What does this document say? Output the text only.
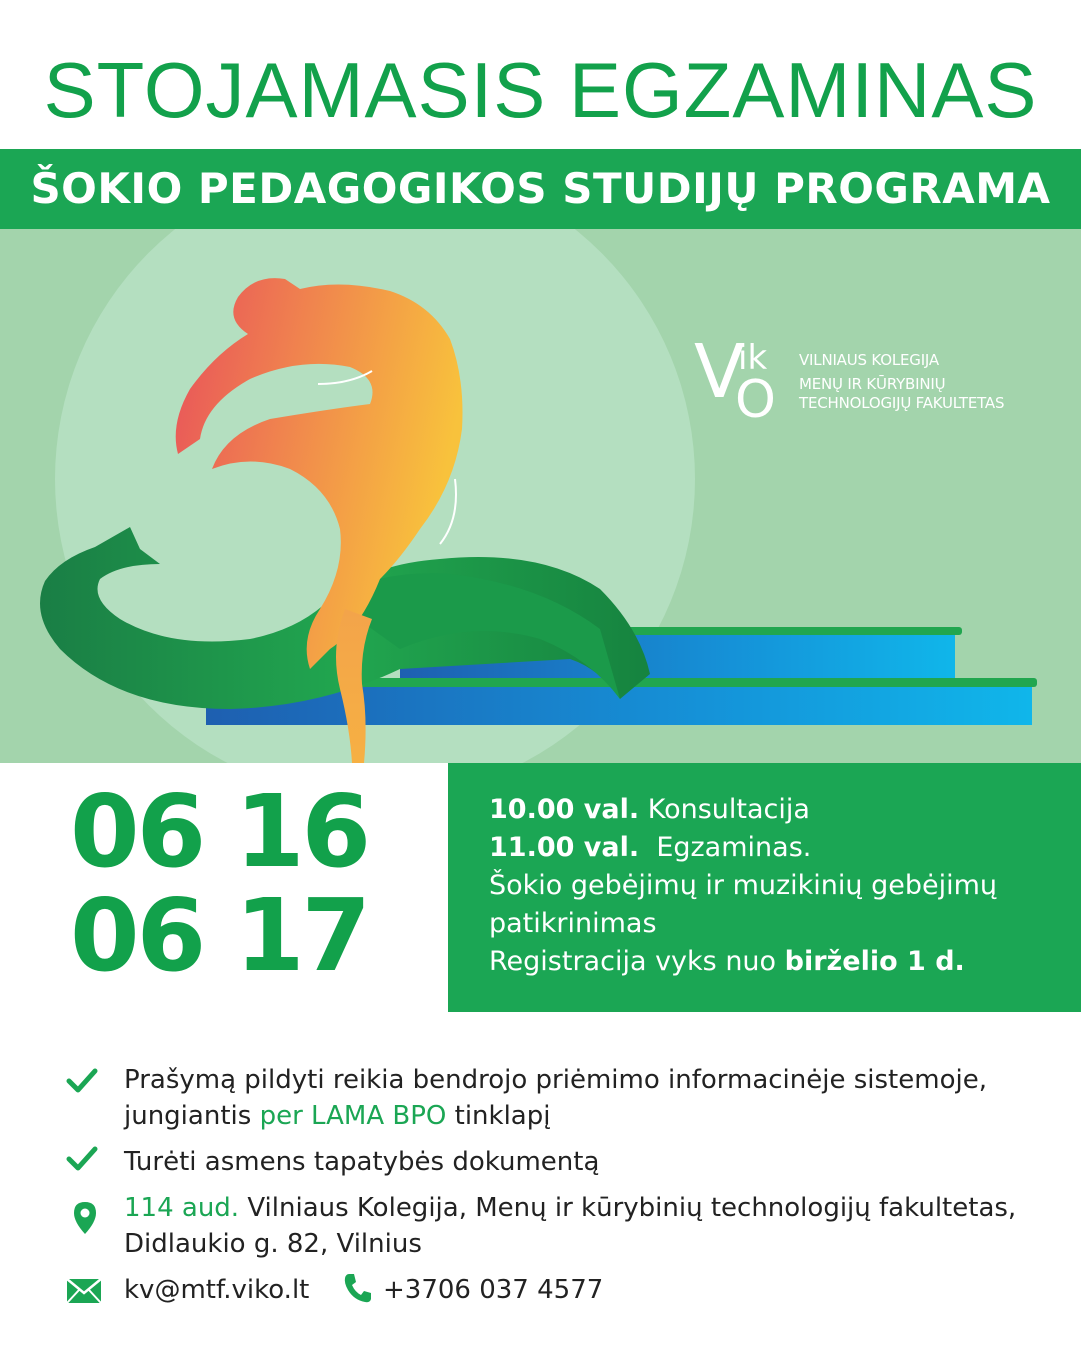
STOJAMASIS EGZAMINAS
ŠOKIO PEDAGOGIKOS STUDIJŲ PROGRAMA
V
ik
O
VILNIAUS KOLEGIJA
MENŲ IR KŪRYBINIŲ
TECHNOLOGIJŲ FAKULTETAS
06 16
06 17
10.00 val. Konsultacija
11.00 val. Egzaminas.
Šokio gebėjimų ir muzikinių gebėjimų
patikrinimas
Registracija vyks nuo birželio 1 d.
Prašymą pildyti reikia bendrojo priėmimo informacinėje sistemoje,
jungiantis per LAMA BPO tinklapį
Turėti asmens tapatybės dokumentą
114 aud. Vilniaus Kolegija, Menų ir kūrybinių technologijų fakultetas,
Didlaukio g. 82, Vilnius
kv@mtf.viko.lt	+3706 037 4577
